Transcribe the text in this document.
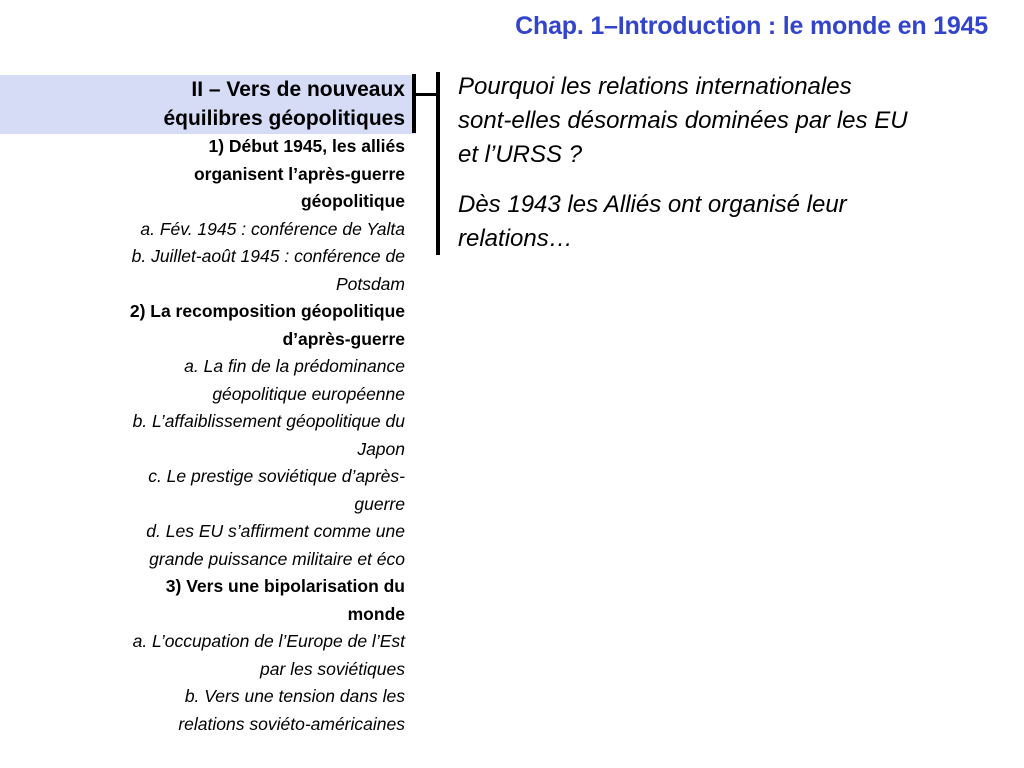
Chap. 1–Introduction : le monde en 1945
II – Vers de nouveaux
équilibres géopolitiques
1) Début 1945, les alliés
organisent l’après-guerre
géopolitique
a. Fév. 1945 : conférence de Yalta
b. Juillet-août 1945 : conférence de
Potsdam
2) La recomposition géopolitique
d’après-guerre
a. La fin de la prédominance
géopolitique européenne
b. L’affaiblissement géopolitique du
Japon
c. Le prestige soviétique d’après-
guerre
d. Les EU s’affirment comme une
grande puissance militaire et éco
3) Vers une bipolarisation du
monde
a. L’occupation de l’Europe de l’Est
par les soviétiques
b. Vers une tension dans les
relations soviéto-américaines

Pourquoi les relations internationales
sont-elles désormais dominées par les EU
et l’URSS ?

Dès 1943 les Alliés ont organisé leur
relations…
